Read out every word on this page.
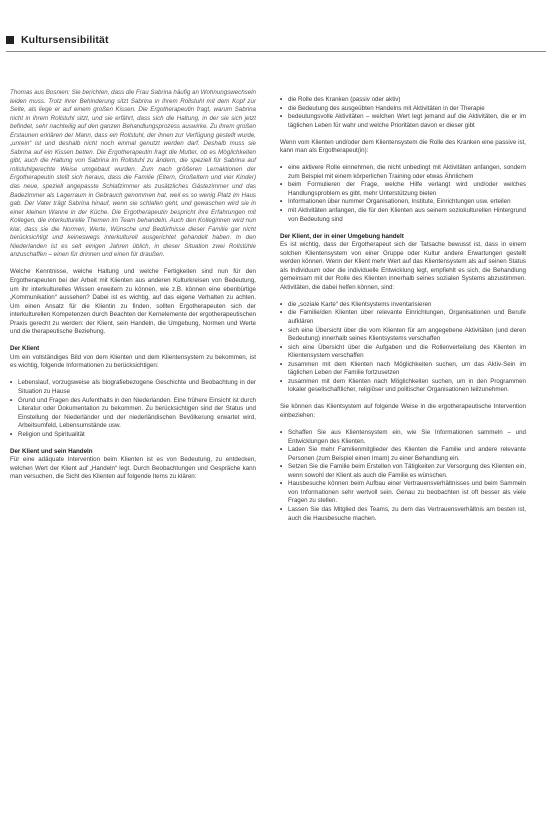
Kultursensibilität

Thomas aus Bosnien: Sie berichten, dass die Frau Sabrina häufig an Wohnungswechseln leiden muss. Trotz ihrer Behinderung sitzt Sabrina in ihrem Rollstuhl mit dem Kopf zur Seite, als liege er auf einem großen Kissen. Die Ergotherapeutin fragt, warum Sabrina nicht in ihrem Rollstuhl sitzt, und sie erfährt, dass sich die Haltung, in der sie sich jetzt befindet, sehr nachteilig auf den ganzen Behandlungsprozess auswirke. Zu ihrem großen Erstaunen erklären der Mann, dass ein Rollstuhl, der ihnen zur Verfügung gestellt wurde, „unrein“ ist und deshalb nicht noch einmal genutzt werden darf. Deshalb muss sie Sabrina auf ein Kissen betten. Die Ergotherapeutin fragt die Mutter, ob es Möglichkeiten gibt, auch die Haltung von Sabrina im Rollstuhl zu ändern, die speziell für Sabrina auf rollstuhlgerechte Weise umgebaut wurden. Zum nach größeren Lernaktionen der Ergotherapeutin stellt sich heraus, dass die Familie (Eltern, Großeltern und vier Kinder) das neue, speziell angepasste Schlafzimmer als zusätzliches Gästezimmer und das Badezimmer als Lagerraum in Gebrauch genommen hat, weil es so wenig Platz im Haus gab. Der Vater trägt Sabrina hinauf, wenn sie schlafen geht, und gewaschen wird sie in einer kleinen Wanne in der Küche. Die Ergotherapeutin bespricht ihre Erfahrungen mit Kollegen, die interkulturelle Themen im Team behandeln. Auch den Kolleginnen wird nun klar, dass sie die Normen, Werte, Wünsche und Bedürfnisse dieser Familie gar nicht berücksichtigt und keineswegs interkulturell ausgerichtet gehandelt haben. In den Niederlanden ist es seit einigen Jahren üblich, in dieser Situation zwei Rollstühle anzuschaffen – einen für drinnen und einen für draußen.

Welche Kenntnisse, welche Haltung und welche Fertigkeiten sind nun für den Ergotherapeuten bei der Arbeit mit Klienten aus anderen Kulturkreisen von Bedeutung, um ihr interkulturelles Wissen erweitern zu können, wie z.B. können eine ebenbürtige „Kommunikation“ aussehen? Dabei ist es wichtig, auf das eigene Verhalten zu achten. Um einen Ansatz für die Klientin zu finden, sollten Ergotherapeuten sich der interkulturellen Kompetenzen durch Beachten der Kernelemente der ergotherapeutischen Praxis gerecht zu werden: der Klient, sein Handeln, die Umgebung, Normen und Werte und die therapeutische Beziehung.

Der Klient

Um ein vollständiges Bild von dem Klienten und dem Klientensystem zu bekommen, ist es wichtig, folgende Informationen zu berücksichtigen:

• Lebenslauf, vorzugsweise als biografiebezogene Geschichte und Beobachtung in der Situation zu Hause
• Grund und Fragen des Aufenthalts in den Niederlanden. Eine frühere Einsicht ist durch Literatur oder Dokumentation zu bekommen. Zu berücksichtigen sind der Status und Einstellung der Niederländer und der niederländischen Bevölkerung erwartet wird, Arbeitsumfeld, Lebensumstände usw.
• Religion und Spiritualität
Der Klient und sein Handeln

Für eine adäquate Intervention beim Klienten ist es von Bedeutung, zu entdecken, welchen Wert der Klient auf „Handeln“ legt. Durch Beobachtungen und Gespräche kann man versuchen, die Sicht des Klienten auf folgende Items zu klären:

• die Rolle des Kranken (passiv oder aktiv)
• die Bedeutung des ausgeübten Handelns mit Aktivitäten in der Therapie
• bedeutungsvolle Aktivitäten – welchen Wert legt jemand auf die Aktivitäten, die er im täglichen Leben für wahr und welche Prioritäten davon er dieser gibt

Wenn vom Klienten und/oder dem Klientensystem die Rolle des Kranken eine passive ist, kann man als Ergotherapeut(in):

• eine aktivere Rolle einnehmen, die nicht unbedingt mit Aktivitäten anfangen, sondern zum Beispiel mit einem körperlichen Training oder etwas Ähnlichem
• beim Formulieren der Frage, welche Hilfe verlangt wird und/oder welches Handlungsproblem es gibt, mehr Unterstützung bieten
• Informationen über nummer Organisationen, Institute, Einrichtungen usw. erteilen
• mit Aktivitäten anfangen, die für den Klienten aus seinem soziokulturellen Hintergrund von Bedeutung sind
Der Klient, der in einer Umgebung handelt

Es ist wichtig, dass der Ergotherapeut sich der Tatsache bewusst ist, dass in einem solchen Klientensystem von einer Gruppe oder Kultur andere Erwartungen gestellt werden können. Wenn der Klient mehr Wert auf das Klientensystem als auf seinen Status als Individuum oder die individuelle Entwicklung legt, empfiehlt es sich, die Behandlung gemeinsam mit der Rolle des Klienten innerhalb seines sozialen Systems abzustimmen. Aktivitäten, die dabei helfen können, sind:

• die „soziale Karte“ des Klientsystems inventarisieren
• die Familie/den Klienten über relevante Einrichtungen, Organisationen und Berufe aufklären
• sich eine Übersicht über die vom Klienten für am angegebene Aktivitäten (und deren Bedeutung) innerhalb seines Klientsystems verschaffen
• sich eine Übersicht über die Aufgaben und die Rollenverteilung des Klienten im Klientensystem verschaffen
• zusammen mit dem Klienten nach Möglichkeiten suchen, um das Aktiv-Sein im täglichen Leben der Familie fortzusetzen
• zusammen mit dem Klienten nach Möglichkeiten suchen, um in den Programmen lokaler gesellschaftlicher, religiöser und politischer Organisationen teilzunehmen.

Sie können das Klientsystem auf folgende Weise in die ergotherapeutische Intervention einbeziehen:

• Schaffen Sie aus Klientensystem ein, wie Sie Informationen sammeln – und Entwicklungen des Klienten.
• Laden Sie mehr Familienmitglieder des Klienten die Familie und andere relevante Personen (zum Beispiel einen Imam) zu einer Behandlung ein.
• Setzen Sie die Familie beim Erstellen von Tätigkeiten zur Versorgung des Klienten ein, wenn sowohl der Klient als auch die Familie es wünschen.
• Hausbesuche können beim Aufbau einer Vertrauensverhältnisses und beim Sammeln von Informationen sehr wertvoll sein. Genau zu beobachten ist oft besser als viele Fragen zu stellen.
• Lassen Sie das Mitglied des Teams, zu dem das Vertrauensverhältnis am besten ist, auch die Hausbesuche machen.
